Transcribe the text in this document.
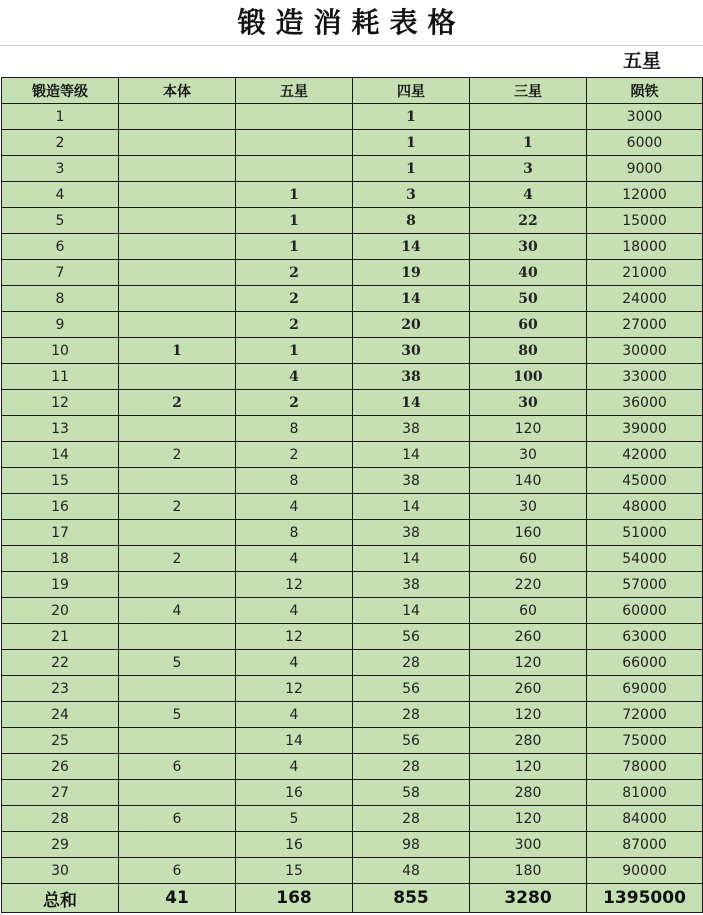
锻造消耗表格
五星
锻造等级	本体	五星	四星	三星	陨铁
1			1		3000
2			1	1	6000
3			1	3	9000
4		1	3	4	12000
5		1	8	22	15000
6		1	14	30	18000
7		2	19	40	21000
8		2	14	50	24000
9		2	20	60	27000
10	1	1	30	80	30000
11		4	38	100	33000
12	2	2	14	30	36000
13		8	38	120	39000
14	2	2	14	30	42000
15		8	38	140	45000
16	2	4	14	30	48000
17		8	38	160	51000
18	2	4	14	60	54000
19		12	38	220	57000
20	4	4	14	60	60000
21		12	56	260	63000
22	5	4	28	120	66000
23		12	56	260	69000
24	5	4	28	120	72000
25		14	56	280	75000
26	6	4	28	120	78000
27		16	58	280	81000
28	6	5	28	120	84000
29		16	98	300	87000
30	6	15	48	180	90000
总和	41	168	855	3280	1395000
